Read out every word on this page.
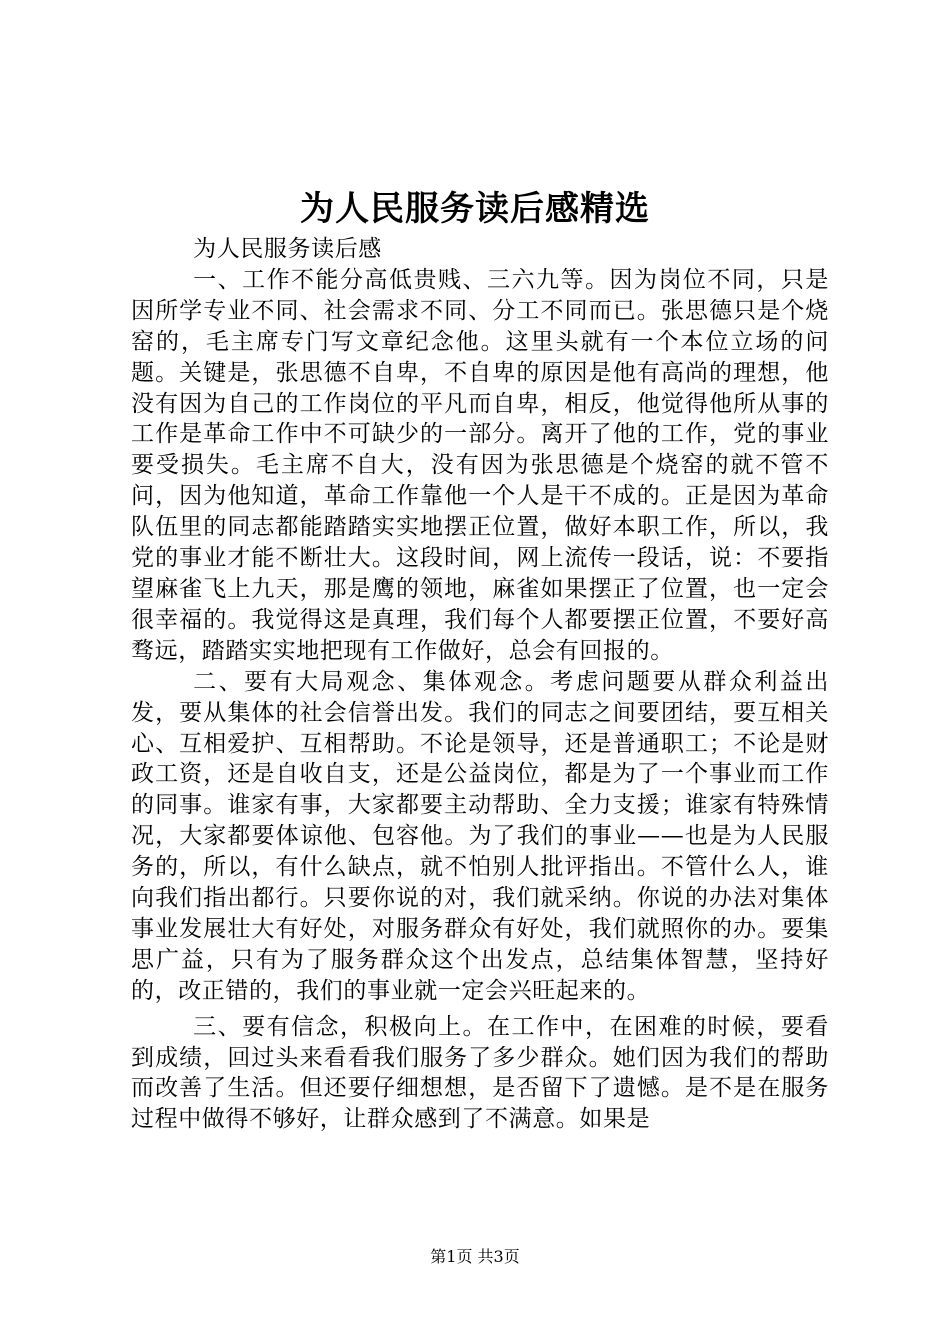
为人民服务读后感精选

为人民服务读后感

一、工作不能分高低贵贱、三六九等。因为岗位不同，只是因所学专业不同、社会需求不同、分工不同而已。张思德只是个烧窑的，毛主席专门写文章纪念他。这里头就有一个本位立场的问题。关键是，张思德不自卑，不自卑的原因是他有高尚的理想，他没有因为自己的工作岗位的平凡而自卑，相反，他觉得他所从事的工作是革命工作中不可缺少的一部分。离开了他的工作，党的事业要受损失。毛主席不自大，没有因为张思德是个烧窑的就不管不问，因为他知道，革命工作靠他一个人是干不成的。正是因为革命队伍里的同志都能踏踏实实地摆正位置，做好本职工作，所以，我党的事业才能不断壮大。这段时间，网上流传一段话，说：不要指望麻雀飞上九天，那是鹰的领地，麻雀如果摆正了位置，也一定会很幸福的。我觉得这是真理，我们每个人都要摆正位置，不要好高骛远，踏踏实实地把现有工作做好，总会有回报的。

二、要有大局观念、集体观念。考虑问题要从群众利益出发，要从集体的社会信誉出发。我们的同志之间要团结，要互相关心、互相爱护、互相帮助。不论是领导，还是普通职工；不论是财政工资，还是自收自支，还是公益岗位，都是为了一个事业而工作的同事。谁家有事，大家都要主动帮助、全力支援；谁家有特殊情况，大家都要体谅他、包容他。为了我们的事业——也是为人民服务的，所以，有什么缺点，就不怕别人批评指出。不管什么人，谁向我们指出都行。只要你说的对，我们就采纳。你说的办法对集体事业发展壮大有好处，对服务群众有好处，我们就照你的办。要集思广益，只有为了服务群众这个出发点，总结集体智慧，坚持好的，改正错的，我们的事业就一定会兴旺起来的。

三、要有信念，积极向上。在工作中，在困难的时候，要看到成绩，回过头来看看我们服务了多少群众。她们因为我们的帮助而改善了生活。但还要仔细想想，是否留下了遗憾。是不是在服务过程中做得不够好，让群众感到了不满意。如果是

第1页 共3页
